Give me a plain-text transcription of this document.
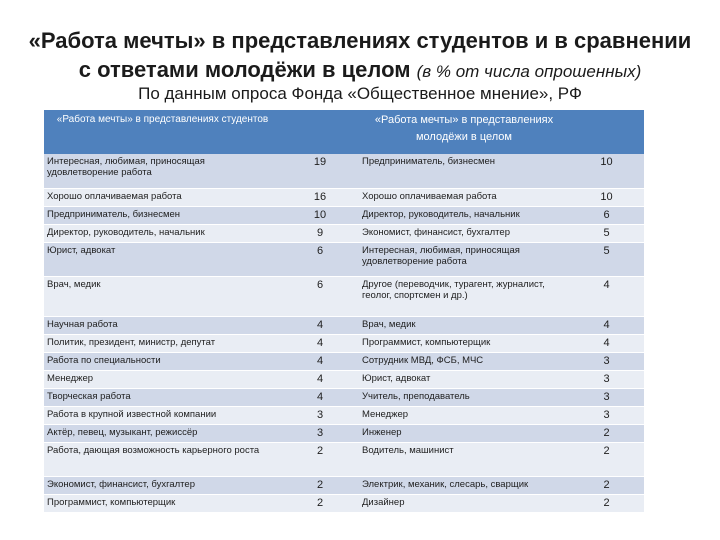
«Работа мечты» в представлениях студентов и в сравнении
с ответами молодёжи в целом (в % от числа опрошенных)
По данным опроса Фонда «Общественное мнение», РФ
«Работа мечты» в представлениях студентов		«Работа мечты» в представлениях молодёжи в целом	
Интересная, любимая, приносящая удовлетворение работа	19	Предприниматель, бизнесмен	10
Хорошо оплачиваемая работа	16	Хорошо оплачиваемая работа	10
Предприниматель, бизнесмен	10	Директор, руководитель, начальник	6
Директор, руководитель, начальник	9	Экономист, финансист, бухгалтер	5
Юрист, адвокат	6	Интересная, любимая, приносящая удовлетворение работа	5
Врач, медик	6	Другое (переводчик, турагент, журналист, геолог, спортсмен и др.)	4
Научная работа	4	Врач, медик	4
Политик, президент, министр, депутат	4	Программист, компьютерщик	4
Работа по специальности	4	Сотрудник МВД, ФСБ, МЧС	3
Менеджер	4	Юрист, адвокат	3
Творческая работа	4	Учитель, преподаватель	3
Работа в крупной известной компании	3	Менеджер	3
Актёр, певец, музыкант, режиссёр	3	Инженер	2
Работа, дающая возможность карьерного роста	2	Водитель, машинист	2
Экономист, финансист, бухгалтер	2	Электрик, механик, слесарь, сварщик	2
Программист, компьютерщик	2	Дизайнер	2
